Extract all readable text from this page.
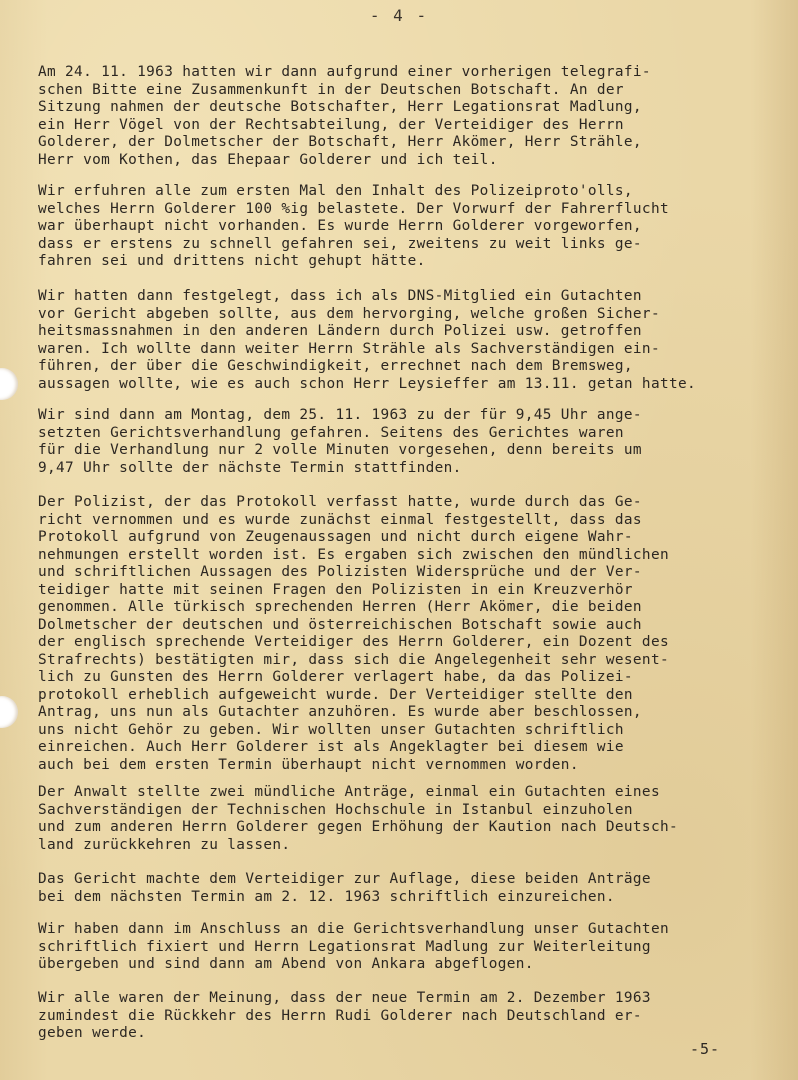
- 4 -
Am 24. 11. 1963 hatten wir dann aufgrund einer vorherigen telegrafi-
schen Bitte eine Zusammenkunft in der Deutschen Botschaft. An der
Sitzung nahmen der deutsche Botschafter, Herr Legationsrat Madlung,
ein Herr Vögel von der Rechtsabteilung, der Verteidiger des Herrn
Golderer, der Dolmetscher der Botschaft, Herr Akömer, Herr Strähle,
Herr vom Kothen, das Ehepaar Golderer und ich teil.
Wir erfuhren alle zum ersten Mal den Inhalt des Polizeiproto'olls,
welches Herrn Golderer 100 %ig belastete. Der Vorwurf der Fahrerflucht
war überhaupt nicht vorhanden. Es wurde Herrn Golderer vorgeworfen,
dass er erstens zu schnell gefahren sei, zweitens zu weit links ge-
fahren sei und drittens nicht gehupt hätte.
Wir hatten dann festgelegt, dass ich als DNS-Mitglied ein Gutachten
vor Gericht abgeben sollte, aus dem hervorging, welche großen Sicher-
heitsmassnahmen in den anderen Ländern durch Polizei usw. getroffen
waren. Ich wollte dann weiter Herrn Strähle als Sachverständigen ein-
führen, der über die Geschwindigkeit, errechnet nach dem Bremsweg,
aussagen wollte, wie es auch schon Herr Leysieffer am 13.11. getan hatte.
Wir sind dann am Montag, dem 25. 11. 1963 zu der für 9,45 Uhr ange-
setzten Gerichtsverhandlung gefahren. Seitens des Gerichtes waren
für die Verhandlung nur 2 volle Minuten vorgesehen, denn bereits um
9,47 Uhr sollte der nächste Termin stattfinden.
Der Polizist, der das Protokoll verfasst hatte, wurde durch das Ge-
richt vernommen und es wurde zunächst einmal festgestellt, dass das
Protokoll aufgrund von Zeugenaussagen und nicht durch eigene Wahr-
nehmungen erstellt worden ist. Es ergaben sich zwischen den mündlichen
und schriftlichen Aussagen des Polizisten Widersprüche und der Ver-
teidiger hatte mit seinen Fragen den Polizisten in ein Kreuzverhör
genommen. Alle türkisch sprechenden Herren (Herr Akömer, die beiden
Dolmetscher der deutschen und österreichischen Botschaft sowie auch
der englisch sprechende Verteidiger des Herrn Golderer, ein Dozent des
Strafrechts) bestätigten mir, dass sich die Angelegenheit sehr wesent-
lich zu Gunsten des Herrn Golderer verlagert habe, da das Polizei-
protokoll erheblich aufgeweicht wurde. Der Verteidiger stellte den
Antrag, uns nun als Gutachter anzuhören. Es wurde aber beschlossen,
uns nicht Gehör zu geben. Wir wollten unser Gutachten schriftlich
einreichen. Auch Herr Golderer ist als Angeklagter bei diesem wie
auch bei dem ersten Termin überhaupt nicht vernommen worden.
Der Anwalt stellte zwei mündliche Anträge, einmal ein Gutachten eines
Sachverständigen der Technischen Hochschule in Istanbul einzuholen
und zum anderen Herrn Golderer gegen Erhöhung der Kaution nach Deutsch-
land zurückkehren zu lassen.
Das Gericht machte dem Verteidiger zur Auflage, diese beiden Anträge
bei dem nächsten Termin am 2. 12. 1963 schriftlich einzureichen.
Wir haben dann im Anschluss an die Gerichtsverhandlung unser Gutachten
schriftlich fixiert und Herrn Legationsrat Madlung zur Weiterleitung
übergeben und sind dann am Abend von Ankara abgeflogen.
Wir alle waren der Meinung, dass der neue Termin am 2. Dezember 1963
zumindest die Rückkehr des Herrn Rudi Golderer nach Deutschland er-
geben werde.
-5-
